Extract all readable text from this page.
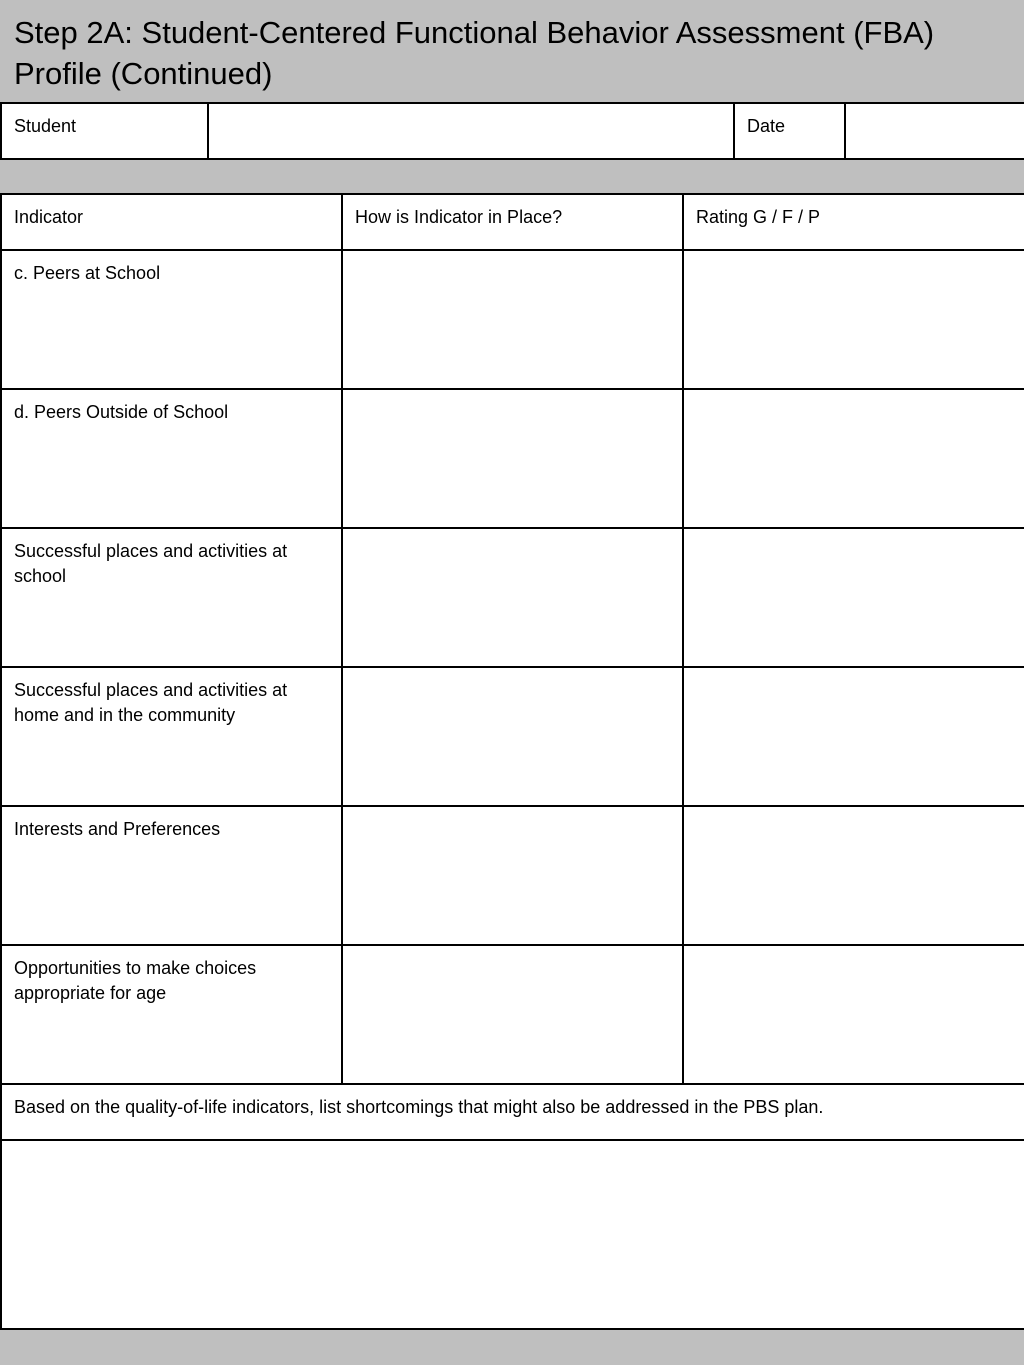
Step 2A: Student-Centered Functional Behavior Assessment (FBA) Profile (Continued)
Student		Date	
Indicator	How is Indicator in Place?	Rating G / F / P
c. Peers at School		
d. Peers Outside of School		
Successful places and activities at school		
Successful places and activities at home and in the community		
Interests and Preferences		
Opportunities to make choices appropriate for age		
Based on the quality-of-life indicators, list shortcomings that might also be addressed in the PBS plan.		
